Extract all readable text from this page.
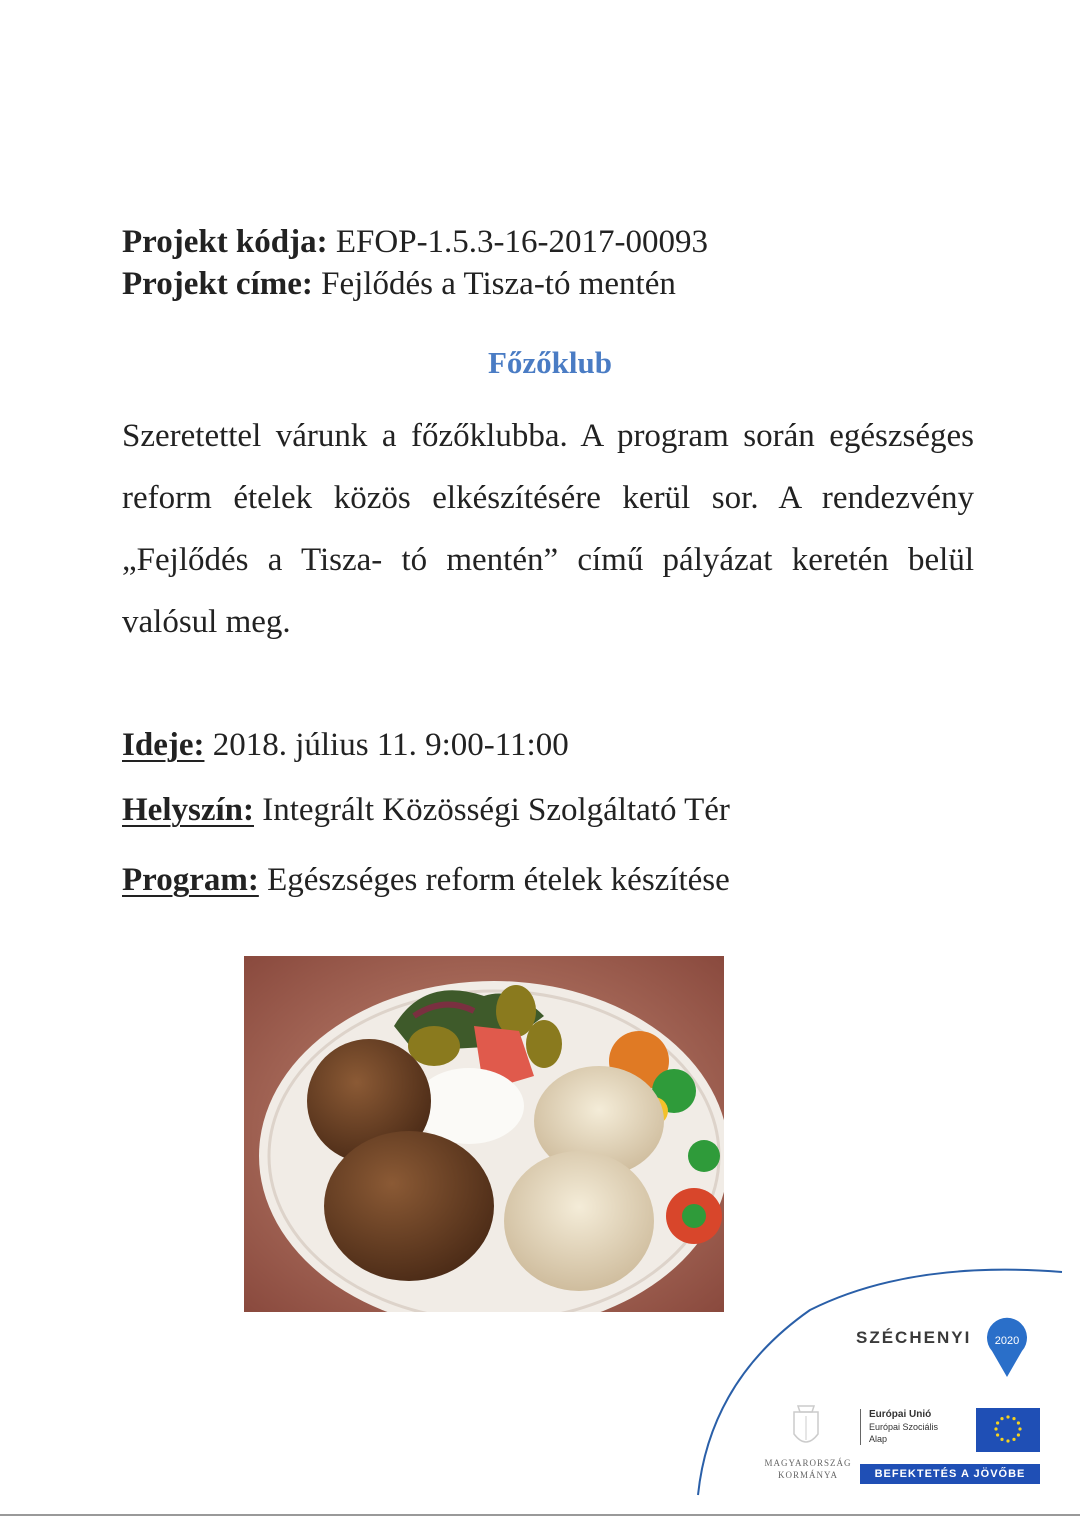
Projekt kódja: EFOP-1.5.3-16-2017-00093
Projekt címe: Fejlődés a Tisza-tó mentén
Főzőklub
Szeretettel várunk a főzőklubba. A program során egészséges reform ételek közös elkészítésére kerül sor. A rendezvény „Fejlődés a Tisza- tó mentén” című pályázat keretén belül valósul meg.
Ideje: 2018. július 11. 9:00-11:00
Helyszín: Integrált Közösségi Szolgáltató Tér
Program: Egészséges reform ételek készítése
SZÉCHENYI 2020
MAGYARORSZÁG
KORMÁNYA
Európai Unió
Európai Szociális
Alap
BEFEKTETÉS A JÖVŐBE
